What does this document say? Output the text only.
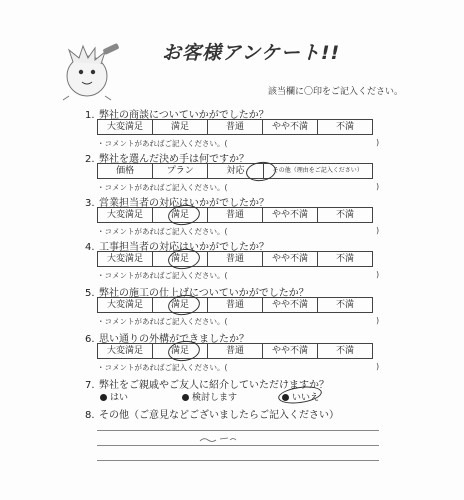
お客様アンケート!!
該当欄に〇印をご記入ください。
1. 弊社の商談についていかがでしたか？
大変満足	満足	普通	やや不満	不満
・コメントがあればご記入ください。(	)
2. 弊社を選んだ決め手は何ですか？
価格	プラン	対応	その他（理由をご記入ください）
・コメントがあればご記入ください。(	)
3. 営業担当者の対応はいかがでしたか？
大変満足	満足	普通	やや不満	不満
・コメントがあればご記入ください。(	)
4. 工事担当者の対応はいかがでしたか？
大変満足	満足	普通	やや不満	不満
・コメントがあればご記入ください。(	)
5. 弊社の施工の仕上げについていかがでしたか？
大変満足	満足	普通	やや不満	不満
・コメントがあればご記入ください。(	)
6. 思い通りの外構ができましたか？
大変満足	満足	普通	やや不満	不満
・コメントがあればご記入ください。(	)
7. 弊社をご親戚やご友人に紹介していただけますか？
はい	検討します	いいえ
8. その他（ご意見などございましたらご記入ください）
